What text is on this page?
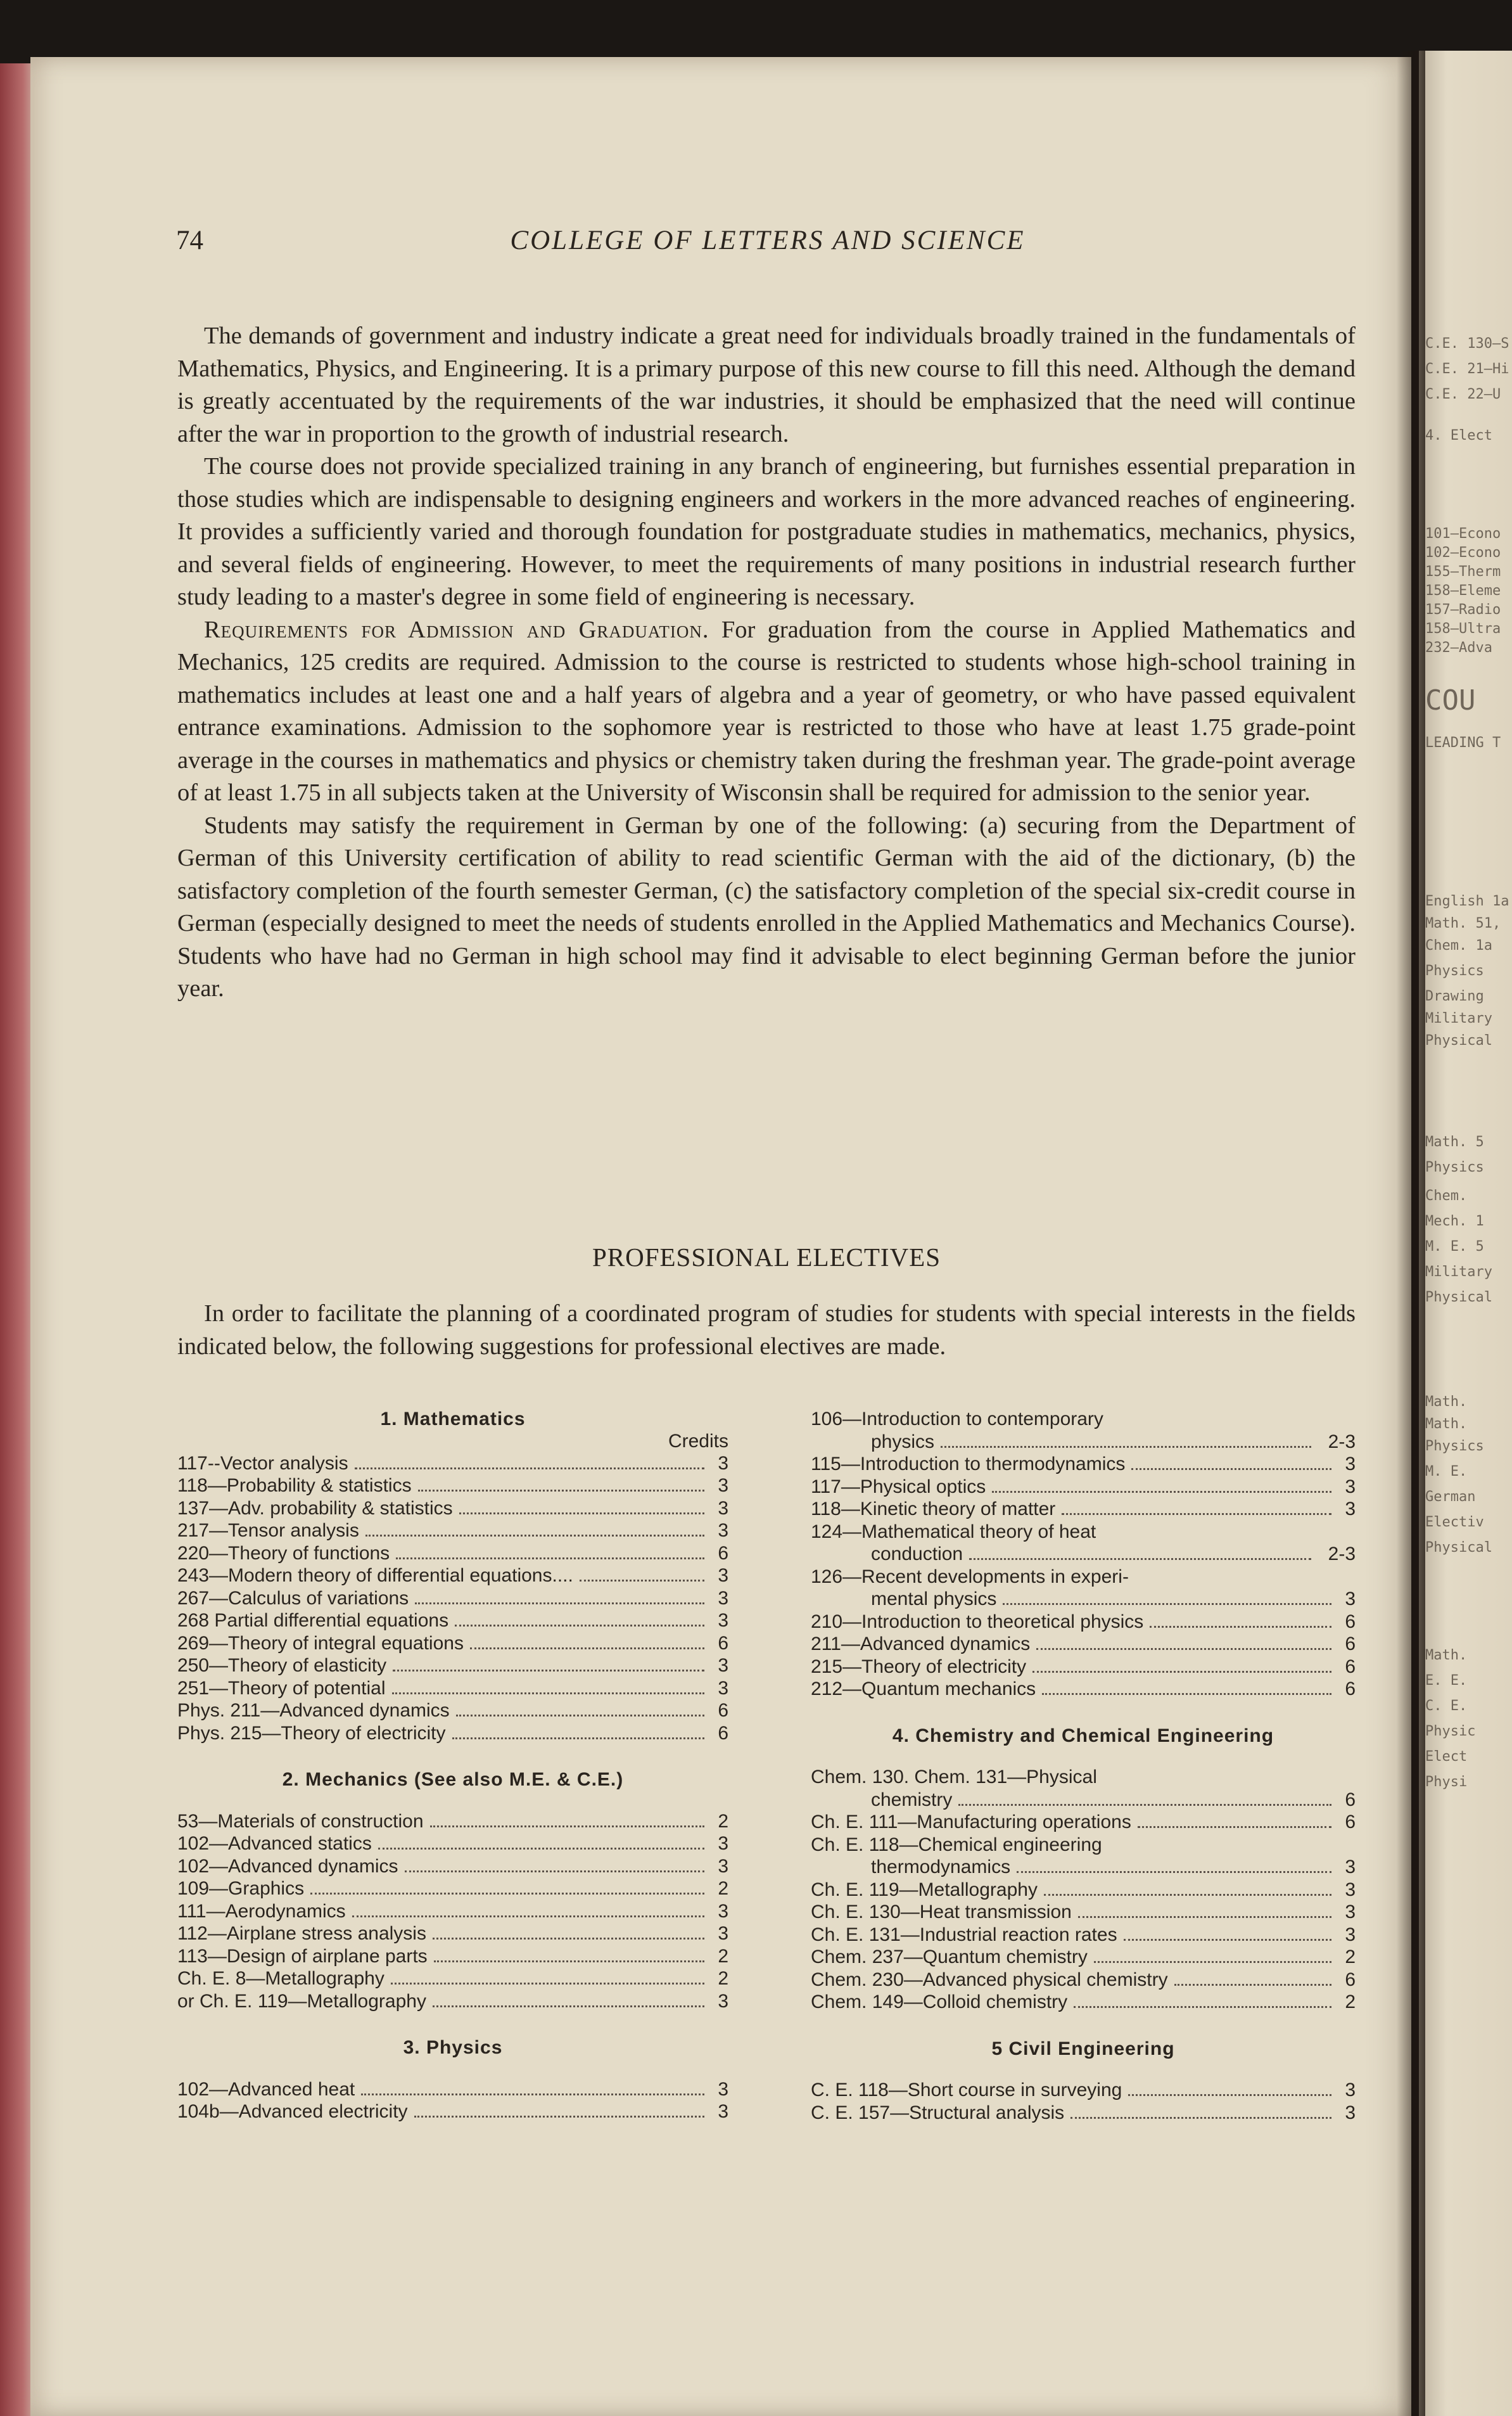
C.E. 130—S
C.E. 21—Hi
C.E. 22—U
4. Elect
101—Econo
102—Econo
155—Therm
158—Eleme
157—Radio
158—Ultra
232—Adva
COU
LEADING T
English 1a
Math. 51,
Chem. 1a
Physics
Drawing
Military
Physical
Math. 5
Physics
Chem.
Mech. 1
M. E. 5
Military
Physical
Math.
Math.
Physics
M. E.
German
Electiv
Physical
Math.
E. E.
C. E.
Physic
Elect
Physi
74	COLLEGE OF LETTERS AND SCIENCE

The demands of government and industry indicate a great need for individuals broadly trained in the fundamentals of Mathematics, Physics, and Engineering. It is a primary purpose of this new course to fill this need. Although the demand is greatly accentuated by the requirements of the war industries, it should be emphasized that the need will continue after the war in proportion to the growth of industrial research.

The course does not provide specialized training in any branch of engineering, but furnishes essential preparation in those studies which are indispensable to designing engineers and workers in the more advanced reaches of engineering. It provides a sufficiently varied and thorough foundation for postgraduate studies in mathematics, mechanics, physics, and several fields of engineering. However, to meet the requirements of many positions in industrial research further study leading to a master's degree in some field of engineering is necessary.

Requirements for Admission and Graduation. For graduation from the course in Applied Mathematics and Mechanics, 125 credits are required. Admission to the course is restricted to students whose high-school training in mathematics includes at least one and a half years of algebra and a year of geometry, or who have passed equivalent entrance examinations. Admission to the sophomore year is restricted to those who have at least 1.75 grade-point average in the courses in mathematics and physics or chemistry taken during the freshman year. The grade-point average of at least 1.75 in all subjects taken at the University of Wisconsin shall be required for admission to the senior year.

Students may satisfy the requirement in German by one of the following: (a) securing from the Department of German of this University certification of ability to read scientific German with the aid of the dictionary, (b) the satisfactory completion of the fourth semester German, (c) the satisfactory completion of the special six-credit course in German (especially designed to meet the needs of students enrolled in the Applied Mathematics and Mechanics Course). Students who have had no German in high school may find it advisable to elect beginning German before the junior year.

PROFESSIONAL ELECTIVES

In order to facilitate the planning of a coordinated program of studies for students with special interests in the fields indicated below, the following suggestions for professional electives are made.

1. Mathematics

Credits

117--Vector analysis	3
118—Probability & statistics	3
137—Adv. probability & statistics	3
217—Tensor analysis	3
220—Theory of functions	6
243—Modern theory of differential equations....	3
267—Calculus of variations	3
268 Partial differential equations	3
269—Theory of integral equations	6
250—Theory of elasticity	3
251—Theory of potential	3
Phys. 211—Advanced dynamics	6
Phys. 215—Theory of electricity	6

2. Mechanics (See also M.E. & C.E.)

53—Materials of construction	2
102—Advanced statics	3
102—Advanced dynamics	3
109—Graphics	2
111—Aerodynamics	3
112—Airplane stress analysis	3
113—Design of airplane parts	2
Ch. E. 8—Metallography	2
or Ch. E. 119—Metallography	3

3. Physics

102—Advanced heat	3
104b—Advanced electricity	3

106—Introduction to contemporary

physics	2-3
115—Introduction to thermodynamics	3
117—Physical optics	3
118—Kinetic theory of matter	3

124—Mathematical theory of heat

conduction	2-3

126—Recent developments in experi-

mental physics	3
210—Introduction to theoretical physics	6
211—Advanced dynamics	6
215—Theory of electricity	6
212—Quantum mechanics	6

4. Chemistry and Chemical Engineering

Chem. 130. Chem. 131—Physical

chemistry	6
Ch. E. 111—Manufacturing operations	6

Ch. E. 118—Chemical engineering

thermodynamics	3
Ch. E. 119—Metallography	3
Ch. E. 130—Heat transmission	3
Ch. E. 131—Industrial reaction rates	3
Chem. 237—Quantum chemistry	2
Chem. 230—Advanced physical chemistry	6
Chem. 149—Colloid chemistry	2

5 Civil Engineering

C. E. 118—Short course in surveying	3
C. E. 157—Structural analysis	3
